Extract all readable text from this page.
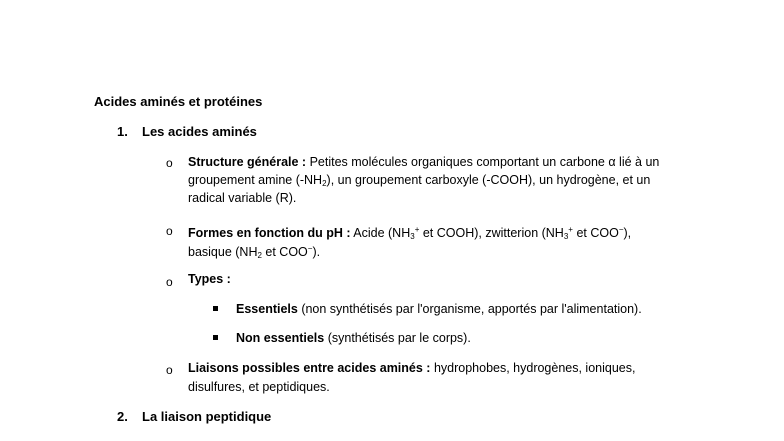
Acides aminés et protéines
1. Les acides aminés
o Structure générale : Petites molécules organiques comportant un carbone α lié à un
groupement amine $(-NH_2)$, un groupement carboxyle (-COOH), un hydrogène, et un
radical variable (R).
o Formes en fonction du pH : Acide ($NH_3^+$ et COOH), zwitterion ($NH_3^+$ et COO−),
basique ($NH_2$ et COO−).
o Types :
Essentiels (non synthétisés par l'organisme, apportés par l'alimentation).
Non essentiels (synthétisés par le corps).
o Liaisons possibles entre acides aminés : hydrophobes, hydrogènes, ioniques,
disulfures, et peptidiques.
2. La liaison peptidique
